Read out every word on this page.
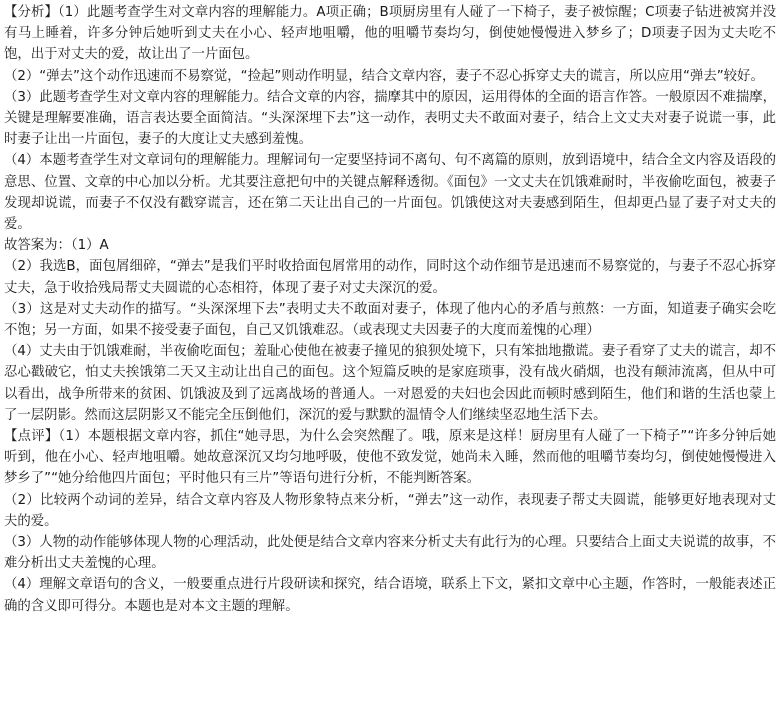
【分析】（1）此题考查学生对文章内容的理解能力。A项正确；B项厨房里有人碰了一下椅子，妻子被惊醒；C项妻子钻进被窝并没有马上睡着，许多分钟后她听到丈夫在小心、轻声地咀嚼，他的咀嚼节奏均匀，倒使她慢慢进入梦乡了；D项妻子因为丈夫吃不饱，出于对丈夫的爱，故让出了一片面包。

（2）“弹去”这个动作迅速而不易察觉，“捡起”则动作明显，结合文章内容，妻子不忍心拆穿丈夫的谎言，所以应用“弹去”较好。

（3）此题考查学生对文章内容的理解能力。结合文章的内容，揣摩其中的原因，运用得体的全面的语言作答。一般原因不难揣摩，关键是理解要准确，语言表达要全面简洁。“头深深埋下去”这一动作，表明丈夫不敢面对妻子，结合上文丈夫对妻子说谎一事，此时妻子让出一片面包，妻子的大度让丈夫感到羞愧。

（4）本题考查学生对文章词句的理解能力。理解词句一定要坚持词不离句、句不离篇的原则，放到语境中，结合全文内容及语段的意思、位置、文章的中心加以分析。尤其要注意把句中的关键点解释透彻。《面包》一文丈夫在饥饿难耐时，半夜偷吃面包，被妻子发现却说谎，而妻子不仅没有戳穿谎言，还在第二天让出自己的一片面包。饥饿使这对夫妻感到陌生，但却更凸显了妻子对丈夫的爱。

故答案为：（1）A

（2）我选B，面包屑细碎，“弹去”是我们平时收拾面包屑常用的动作，同时这个动作细节是迅速而不易察觉的，与妻子不忍心拆穿丈夫，急于收拾残局帮丈夫圆谎的心态相符，体现了妻子对丈夫深沉的爱。

（3）这是对丈夫动作的描写。“头深深埋下去”表明丈夫不敢面对妻子，体现了他内心的矛盾与煎熬：一方面，知道妻子确实会吃不饱；另一方面，如果不接受妻子面包，自己又饥饿难忍。（或表现丈夫因妻子的大度而羞愧的心理）

（4）丈夫由于饥饿难耐，半夜偷吃面包；羞耻心使他在被妻子撞见的狼狈处境下，只有笨拙地撒谎。妻子看穿了丈夫的谎言，却不忍心戳破它，怕丈夫挨饿第二天又主动让出自己的面包。这个短篇反映的是家庭琐事，没有战火硝烟，也没有颠沛流离，但从中可以看出，战争所带来的贫困、饥饿波及到了远离战场的普通人。一对恩爱的夫妇也会因此而顿时感到陌生，他们和谐的生活也蒙上了一层阴影。然而这层阴影又不能完全压倒他们，深沉的爱与默默的温情令人们继续坚忍地生活下去。

【点评】（1）本题根据文章内容，抓住“她寻思，为什么会突然醒了。哦，原来是这样！厨房里有人碰了一下椅子”“许多分钟后她听到，他在小心、轻声地咀嚼。她故意深沉又均匀地呼吸，使他不致发觉，她尚未入睡，然而他的咀嚼节奏均匀，倒使她慢慢进入梦乡了”“她分给他四片面包；平时他只有三片”等语句进行分析，不能判断答案。

（2）比较两个动词的差异，结合文章内容及人物形象特点来分析，“弹去”这一动作，表现妻子帮丈夫圆谎，能够更好地表现对丈夫的爱。

（3）人物的动作能够体现人物的心理活动，此处便是结合文章内容来分析丈夫有此行为的心理。只要结合上面丈夫说谎的故事，不难分析出丈夫羞愧的心理。

（4）理解文章语句的含义，一般要重点进行片段研读和探究，结合语境，联系上下文，紧扣文章中心主题，作答时，一般能表述正确的含义即可得分。本题也是对本文主题的理解。
